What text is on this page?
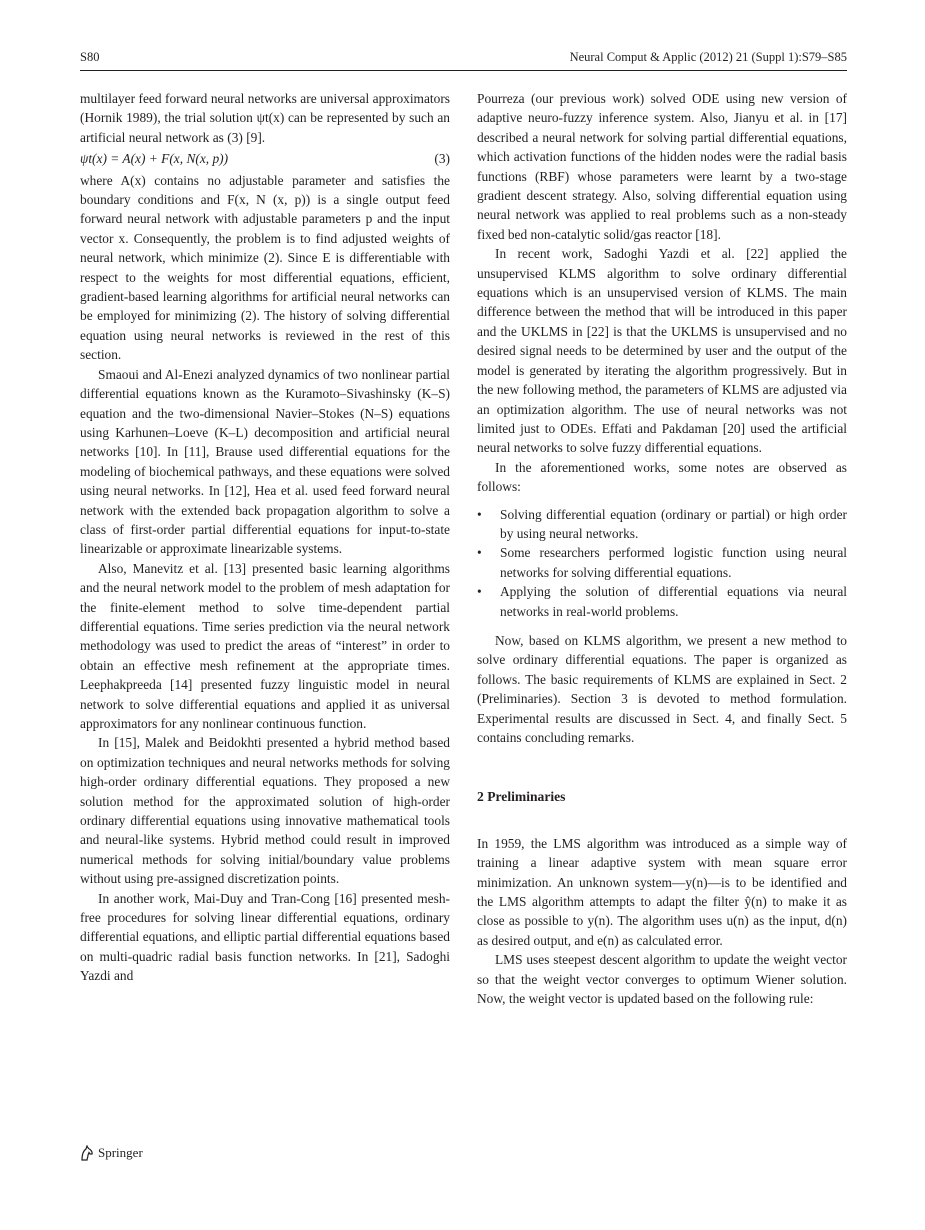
S80	Neural Comput & Applic (2012) 21 (Suppl 1):S79–S85

multilayer feed forward neural networks are universal approximators (Hornik 1989), the trial solution ψt(x) can be represented by such an artificial neural network as (3) [9].

ψt(x) = A(x) + F(x, N(x, p))	(3)

where A(x) contains no adjustable parameter and satisfies the boundary conditions and F(x, N (x, p)) is a single output feed forward neural network with adjustable parameters p and the input vector x. Consequently, the problem is to find adjusted weights of neural network, which minimize (2). Since E is differentiable with respect to the weights for most differential equations, efficient, gradient-based learning algorithms for artificial neural networks can be employed for minimizing (2). The history of solving differential equation using neural networks is reviewed in the rest of this section.

Smaoui and Al-Enezi analyzed dynamics of two nonlinear partial differential equations known as the Kuramoto–Sivashinsky (K–S) equation and the two-dimensional Navier–Stokes (N–S) equations using Karhunen–Loeve (K–L) decomposition and artificial neural networks [10]. In [11], Brause used differential equations for the modeling of biochemical pathways, and these equations were solved using neural networks. In [12], Hea et al. used feed forward neural network with the extended back propagation algorithm to solve a class of first-order partial differential equations for input-to-state linearizable or approximate linearizable systems.

Also, Manevitz et al. [13] presented basic learning algorithms and the neural network model to the problem of mesh adaptation for the finite-element method to solve time-dependent partial differential equations. Time series prediction via the neural network methodology was used to predict the areas of “interest” in order to obtain an effective mesh refinement at the appropriate times. Leephakpreeda [14] presented fuzzy linguistic model in neural network to solve differential equations and applied it as universal approximators for any nonlinear continuous function.

In [15], Malek and Beidokhti presented a hybrid method based on optimization techniques and neural networks methods for solving high-order ordinary differential equations. They proposed a new solution method for the approximated solution of high-order ordinary differential equations using innovative mathematical tools and neural-like systems. Hybrid method could result in improved numerical methods for solving initial/boundary value problems without using pre-assigned discretization points.

In another work, Mai-Duy and Tran-Cong [16] presented mesh-free procedures for solving linear differential equations, ordinary differential equations, and elliptic partial differential equations based on multi-quadric radial basis function networks. In [21], Sadoghi Yazdi and

Pourreza (our previous work) solved ODE using new version of adaptive neuro-fuzzy inference system. Also, Jianyu et al. in [17] described a neural network for solving partial differential equations, which activation functions of the hidden nodes were the radial basis functions (RBF) whose parameters were learnt by a two-stage gradient descent strategy. Also, solving differential equation using neural network was applied to real problems such as a non-steady fixed bed non-catalytic solid/gas reactor [18].

In recent work, Sadoghi Yazdi et al. [22] applied the unsupervised KLMS algorithm to solve ordinary differential equations which is an unsupervised version of KLMS. The main difference between the method that will be introduced in this paper and the UKLMS in [22] is that the UKLMS is unsupervised and no desired signal needs to be determined by user and the output of the model is generated by iterating the algorithm progressively. But in the new following method, the parameters of KLMS are adjusted via an optimization algorithm. The use of neural networks was not limited just to ODEs. Effati and Pakdaman [20] used the artificial neural networks to solve fuzzy differential equations.

In the aforementioned works, some notes are observed as follows:

• Solving differential equation (ordinary or partial) or high order by using neural networks.
• Some researchers performed logistic function using neural networks for solving differential equations.
• Applying the solution of differential equations via neural networks in real-world problems.

Now, based on KLMS algorithm, we present a new method to solve ordinary differential equations. The paper is organized as follows. The basic requirements of KLMS are explained in Sect. 2 (Preliminaries). Section 3 is devoted to method formulation. Experimental results are discussed in Sect. 4, and finally Sect. 5 contains concluding remarks.

2 Preliminaries

In 1959, the LMS algorithm was introduced as a simple way of training a linear adaptive system with mean square error minimization. An unknown system—y(n)—is to be identified and the LMS algorithm attempts to adapt the filter ŷ(n) to make it as close as possible to y(n). The algorithm uses u(n) as the input, d(n) as desired output, and e(n) as calculated error.

LMS uses steepest descent algorithm to update the weight vector so that the weight vector converges to optimum Wiener solution. Now, the weight vector is updated based on the following rule:

Springer
